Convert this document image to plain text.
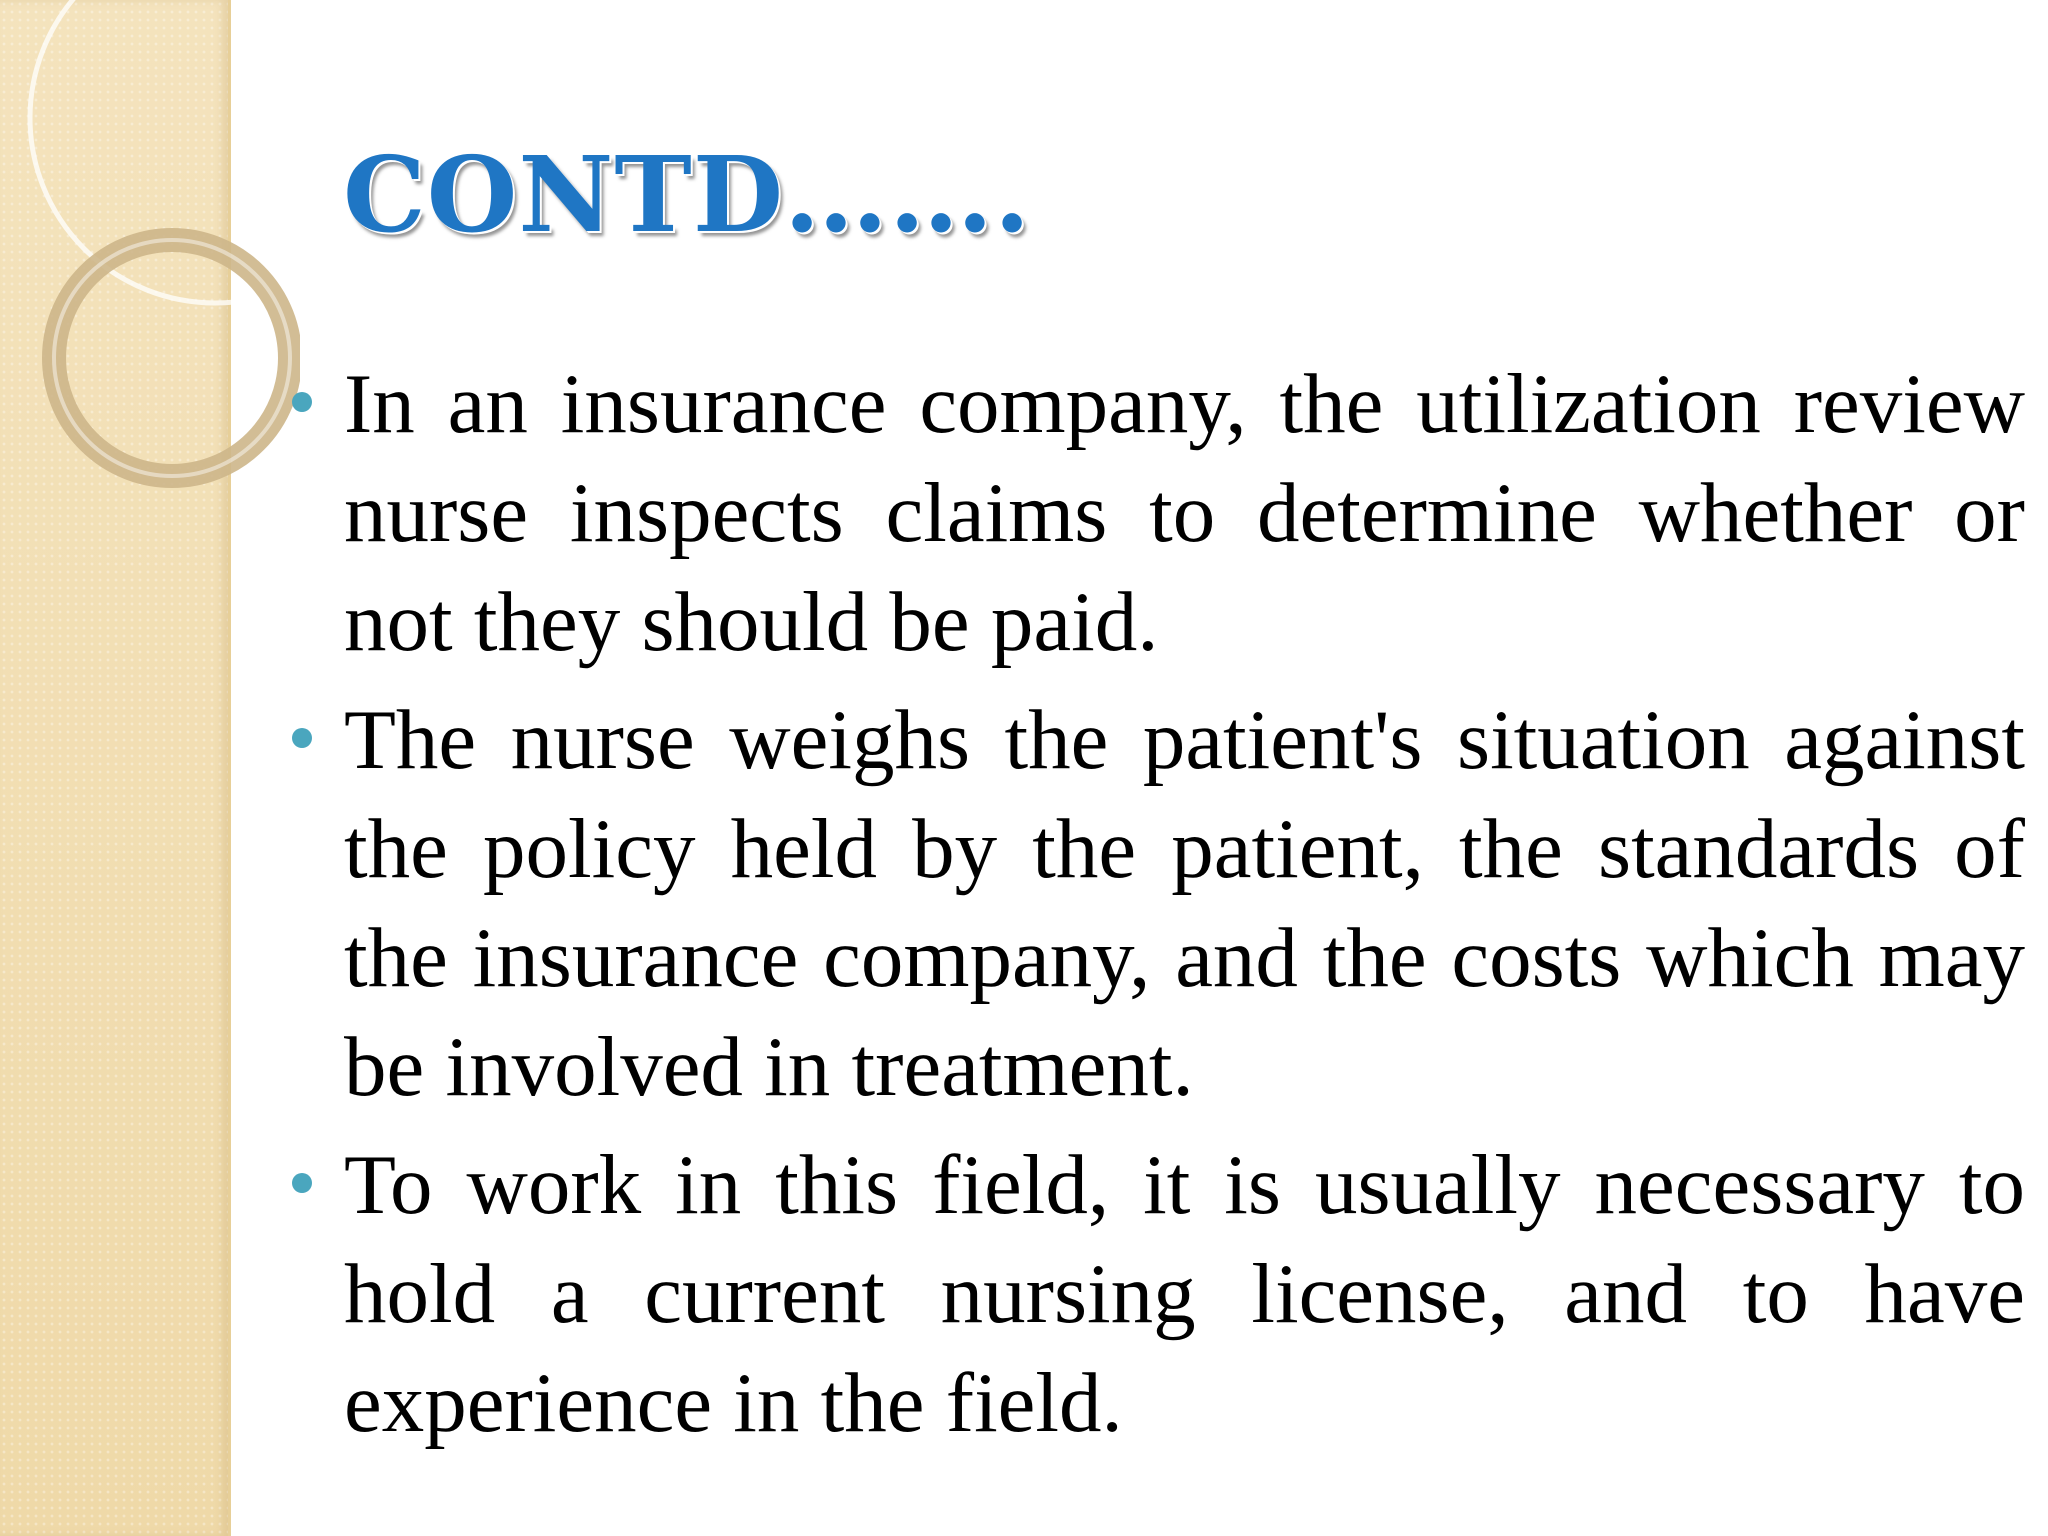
CONTD…….
In an insurance company, the utilization review nurse inspects claims to determine whether or not they should be paid.
The nurse weighs the patient's situation against the policy held by the patient, the standards of the insurance company, and the costs which may be involved in treatment.
To work in this field, it is usually necessary to hold a current nursing license, and to have experience in the field.
